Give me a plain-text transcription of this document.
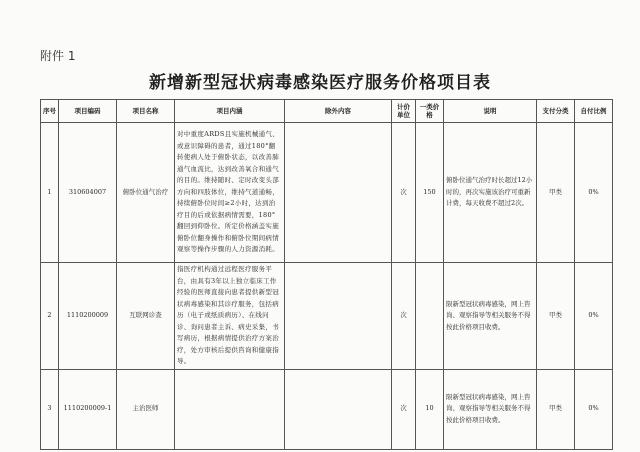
附件 1
新增新型冠状病毒感染医疗服务价格项目表
序号	项目编码	项目名称	项目内涵	除外内容	计价单位	一类价格	说明	支付分类	自付比例
1	310604007	俯卧位通气治疗	对中重度ARDS且实施机械通气、或意识障碍的患者，通过180°翻转使病人处于俯卧状态，以改善肺通气血流比，达到改善氧合和通气的目的。维持随时、定时改变头部方向和四肢体位，维持气道通畅，持续俯卧位时间≥2小时，达到治疗目的后或依据病情需要，180°翻回到仰卧位。所定价格涵盖实施俯卧位翻身操作和俯卧位期间病情观察等操作步骤的人力资源消耗。		次	150	俯卧位通气治疗时长超过12小时的，再次实施该治疗可重新计费，每天收费不超过2次。	甲类	0%
2	1110200009	互联网诊查	指医疗机构通过远程医疗服务平台，由具有3年以上独立临床工作经验的医师直接向患者提供新型冠状病毒感染和其诊疗服务，包括病历（电子或纸质病历）、在线问诊、询问患者主诉、病史采集，书写病历，根据病情提供治疗方案治疗，处方审核后提供咨询和健康指导。		次		限新型冠状病毒感染，网上咨询、观察指导等相关服务不得按此价格项目收费。	甲类	0%
3	1110200009-1	主治医师			次	10	限新型冠状病毒感染，网上咨询、观察指导等相关服务不得按此价格项目收费。	甲类	0%
